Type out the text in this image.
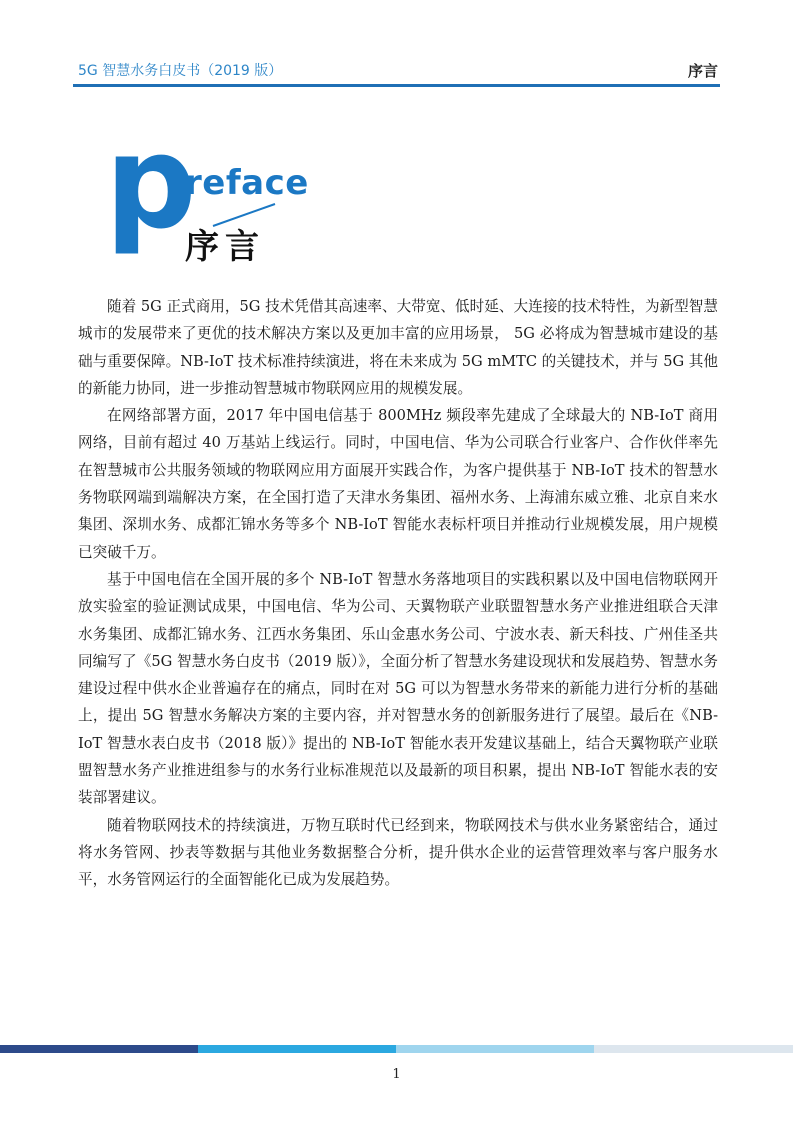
5G 智慧水务白皮书（2019 版）	序言
p
reface
序言

随着 5G 正式商用，5G 技术凭借其高速率、大带宽、低时延、大连接的技术特性，为新型智慧城市的发展带来了更优的技术解决方案以及更加丰富的应用场景， 5G 必将成为智慧城市建设的基础与重要保障。NB-IoT 技术标准持续演进，将在未来成为 5G mMTC 的关键技术，并与 5G 其他的新能力协同，进一步推动智慧城市物联网应用的规模发展。

在网络部署方面，2017 年中国电信基于 800MHz 频段率先建成了全球最大的 NB-IoT 商用网络，目前有超过 40 万基站上线运行。同时，中国电信、华为公司联合行业客户、合作伙伴率先在智慧城市公共服务领域的物联网应用方面展开实践合作，为客户提供基于 NB-IoT 技术的智慧水务物联网端到端解决方案，在全国打造了天津水务集团、福州水务、上海浦东威立雅、北京自来水集团、深圳水务、成都汇锦水务等多个 NB-IoT 智能水表标杆项目并推动行业规模发展，用户规模已突破千万。

基于中国电信在全国开展的多个 NB-IoT 智慧水务落地项目的实践积累以及中国电信物联网开放实验室的验证测试成果，中国电信、华为公司、天翼物联产业联盟智慧水务产业推进组联合天津水务集团、成都汇锦水务、江西水务集团、乐山金惠水务公司、宁波水表、新天科技、广州佳圣共同编写了《5G 智慧水务白皮书（2019 版）》，全面分析了智慧水务建设现状和发展趋势、智慧水务建设过程中供水企业普遍存在的痛点，同时在对 5G 可以为智慧水务带来的新能力进行分析的基础上，提出 5G 智慧水务解决方案的主要内容，并对智慧水务的创新服务进行了展望。最后在《NB-IoT 智慧水表白皮书（2018 版）》提出的 NB-IoT 智能水表开发建议基础上，结合天翼物联产业联盟智慧水务产业推进组参与的水务行业标准规范以及最新的项目积累，提出 NB-IoT 智能水表的安装部署建议。

随着物联网技术的持续演进，万物互联时代已经到来，物联网技术与供水业务紧密结合，通过将水务管网、抄表等数据与其他业务数据整合分析，提升供水企业的运营管理效率与客户服务水平，水务管网运行的全面智能化已成为发展趋势。

1
